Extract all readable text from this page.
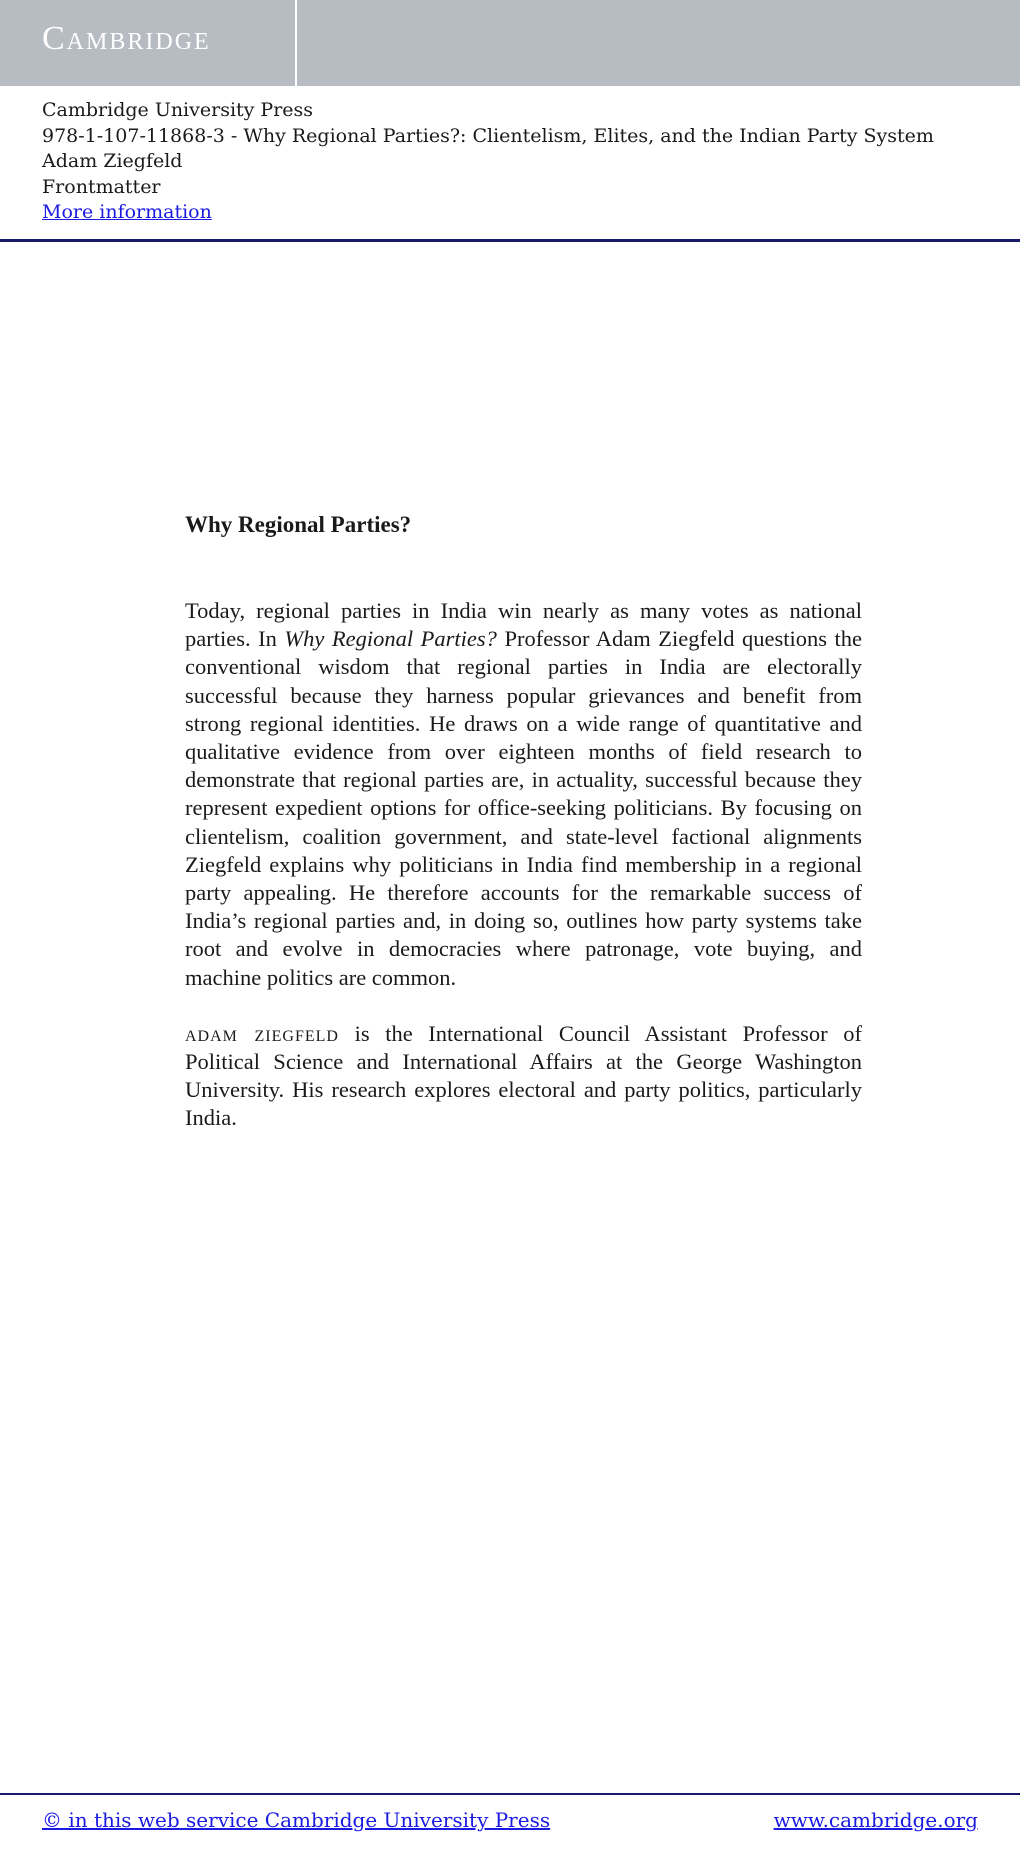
Cambridge
Cambridge University Press
978-1-107-11868-3 - Why Regional Parties?: Clientelism, Elites, and the Indian Party System
Adam Ziegfeld
Frontmatter
More information
Why Regional Parties?

Today, regional parties in India win nearly as many votes as national parties. In Why Regional Parties? Professor Adam Ziegfeld questions the conventional wisdom that regional parties in India are electorally successful because they harness popular grievances and benefit from strong regional identities. He draws on a wide range of quantitative and qualitative evidence from over eighteen months of field research to demonstrate that regional parties are, in actuality, successful because they represent expedient options for office-seeking politicians. By focusing on clientelism, coalition government, and state-level factional alignments Ziegfeld explains why politicians in India find membership in a regional party appealing. He therefore accounts for the remarkable success of India’s regional parties and, in doing so, outlines how party systems take root and evolve in democracies where patronage, vote buying, and machine politics are common.

adam ziegfeld is the International Council Assistant Professor of Political Science and International Affairs at the George Washington University. His research explores electoral and party politics, particularly India.

© in this web service Cambridge University Press	www.cambridge.org
